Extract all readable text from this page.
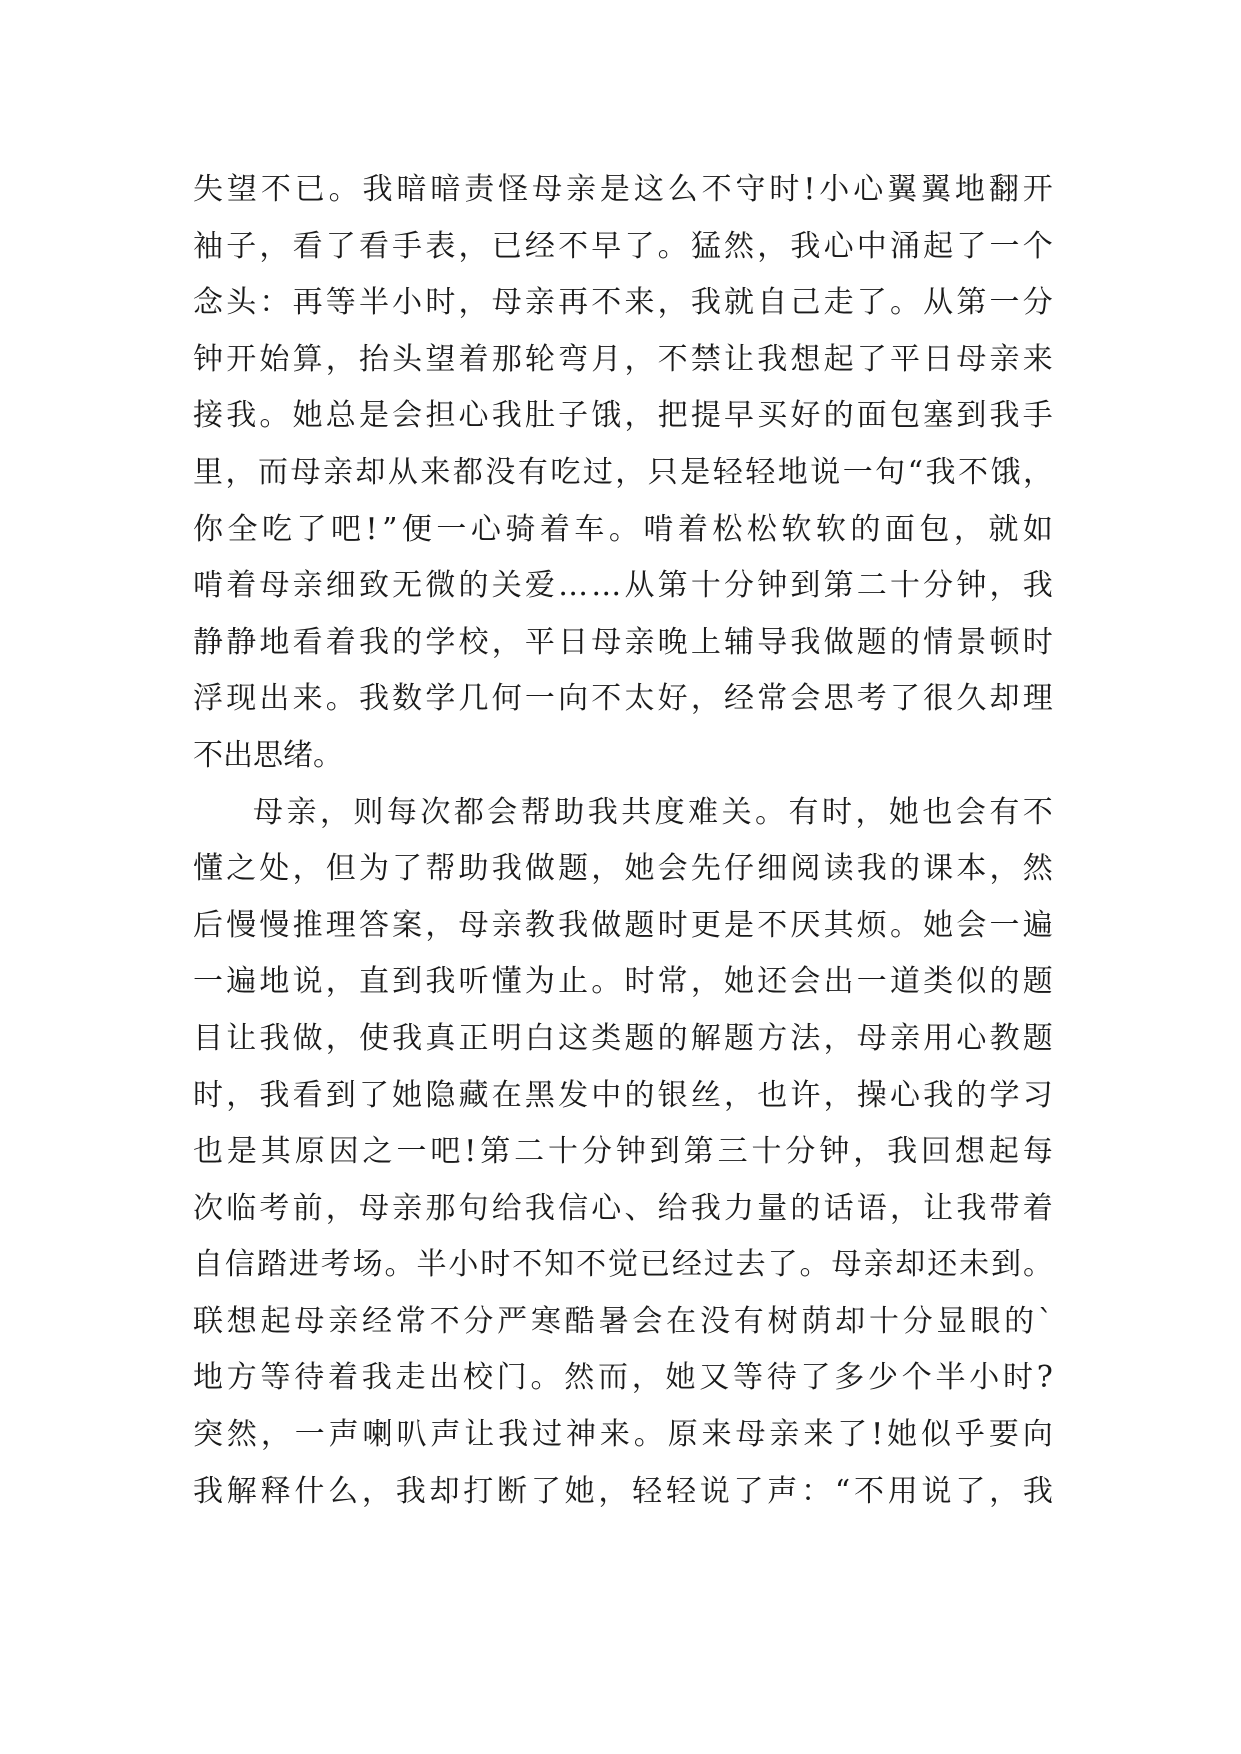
失 望 不 已 。 我 暗 暗 责 怪 母 亲 是 这 么 不 守 时 ! 小 心 翼 翼 地 翻 开
袖 子 ， 看 了 看 手 表 ， 已 经 不 早 了 。 猛 然 ， 我 心 中 涌 起 了 一 个
念 头 ： 再 等 半 小 时 ， 母 亲 再 不 来 ， 我 就 自 己 走 了 。 从 第 一 分
钟 开 始 算 ， 抬 头 望 着 那 轮 弯 月 ， 不 禁 让 我 想 起 了 平 日 母 亲 来
接 我 。 她 总 是 会 担 心 我 肚 子 饿 ， 把 提 早 买 好 的 面 包 塞 到 我 手
里 ， 而 母 亲 却 从 来 都 没 有 吃 过 ， 只 是 轻 轻 地 说 一 句 “ 我 不 饿 ，
你 全 吃 了 吧 ! ” 便 一 心 骑 着 车 。 啃 着 松 松 软 软 的 面 包 ， 就 如
啃 着 母 亲 细 致 无 微 的 关 爱 … … 从 第 十 分 钟 到 第 二 十 分 钟 ， 我
静 静 地 看 着 我 的 学 校 ， 平 日 母 亲 晚 上 辅 导 我 做 题 的 情 景 顿 时
浮 现 出 来 。 我 数 学 几 何 一 向 不 太 好 ， 经 常 会 思 考 了 很 久 却 理
不 出 思 绪 。
母 亲 ， 则 每 次 都 会 帮 助 我 共 度 难 关 。 有 时 ， 她 也 会 有 不
懂 之 处 ， 但 为 了 帮 助 我 做 题 ， 她 会 先 仔 细 阅 读 我 的 课 本 ， 然
后 慢 慢 推 理 答 案 ， 母 亲 教 我 做 题 时 更 是 不 厌 其 烦 。 她 会 一 遍
一 遍 地 说 ， 直 到 我 听 懂 为 止 。 时 常 ， 她 还 会 出 一 道 类 似 的 题
目 让 我 做 ， 使 我 真 正 明 白 这 类 题 的 解 题 方 法 ， 母 亲 用 心 教 题
时 ， 我 看 到 了 她 隐 藏 在 黑 发 中 的 银 丝 ， 也 许 ， 操 心 我 的 学 习
也 是 其 原 因 之 一 吧 ! 第 二 十 分 钟 到 第 三 十 分 钟 ， 我 回 想 起 每
次 临 考 前 ， 母 亲 那 句 给 我 信 心 、 给 我 力 量 的 话 语 ， 让 我 带 着
自 信 踏 进 考 场 。 半 小 时 不 知 不 觉 已 经 过 去 了 。 母 亲 却 还 未 到 。
联 想 起 母 亲 经 常 不 分 严 寒 酷 暑 会 在 没 有 树 荫 却 十 分 显 眼 的 `
地 方 等 待 着 我 走 出 校 门 。 然 而 ， 她 又 等 待 了 多 少 个 半 小 时 ?
突 然 ， 一 声 喇 叭 声 让 我 过 神 来 。 原 来 母 亲 来 了 ! 她 似 乎 要 向
我 解 释 什 么 ， 我 却 打 断 了 她 ， 轻 轻 说 了 声 ： “ 不 用 说 了 ， 我
